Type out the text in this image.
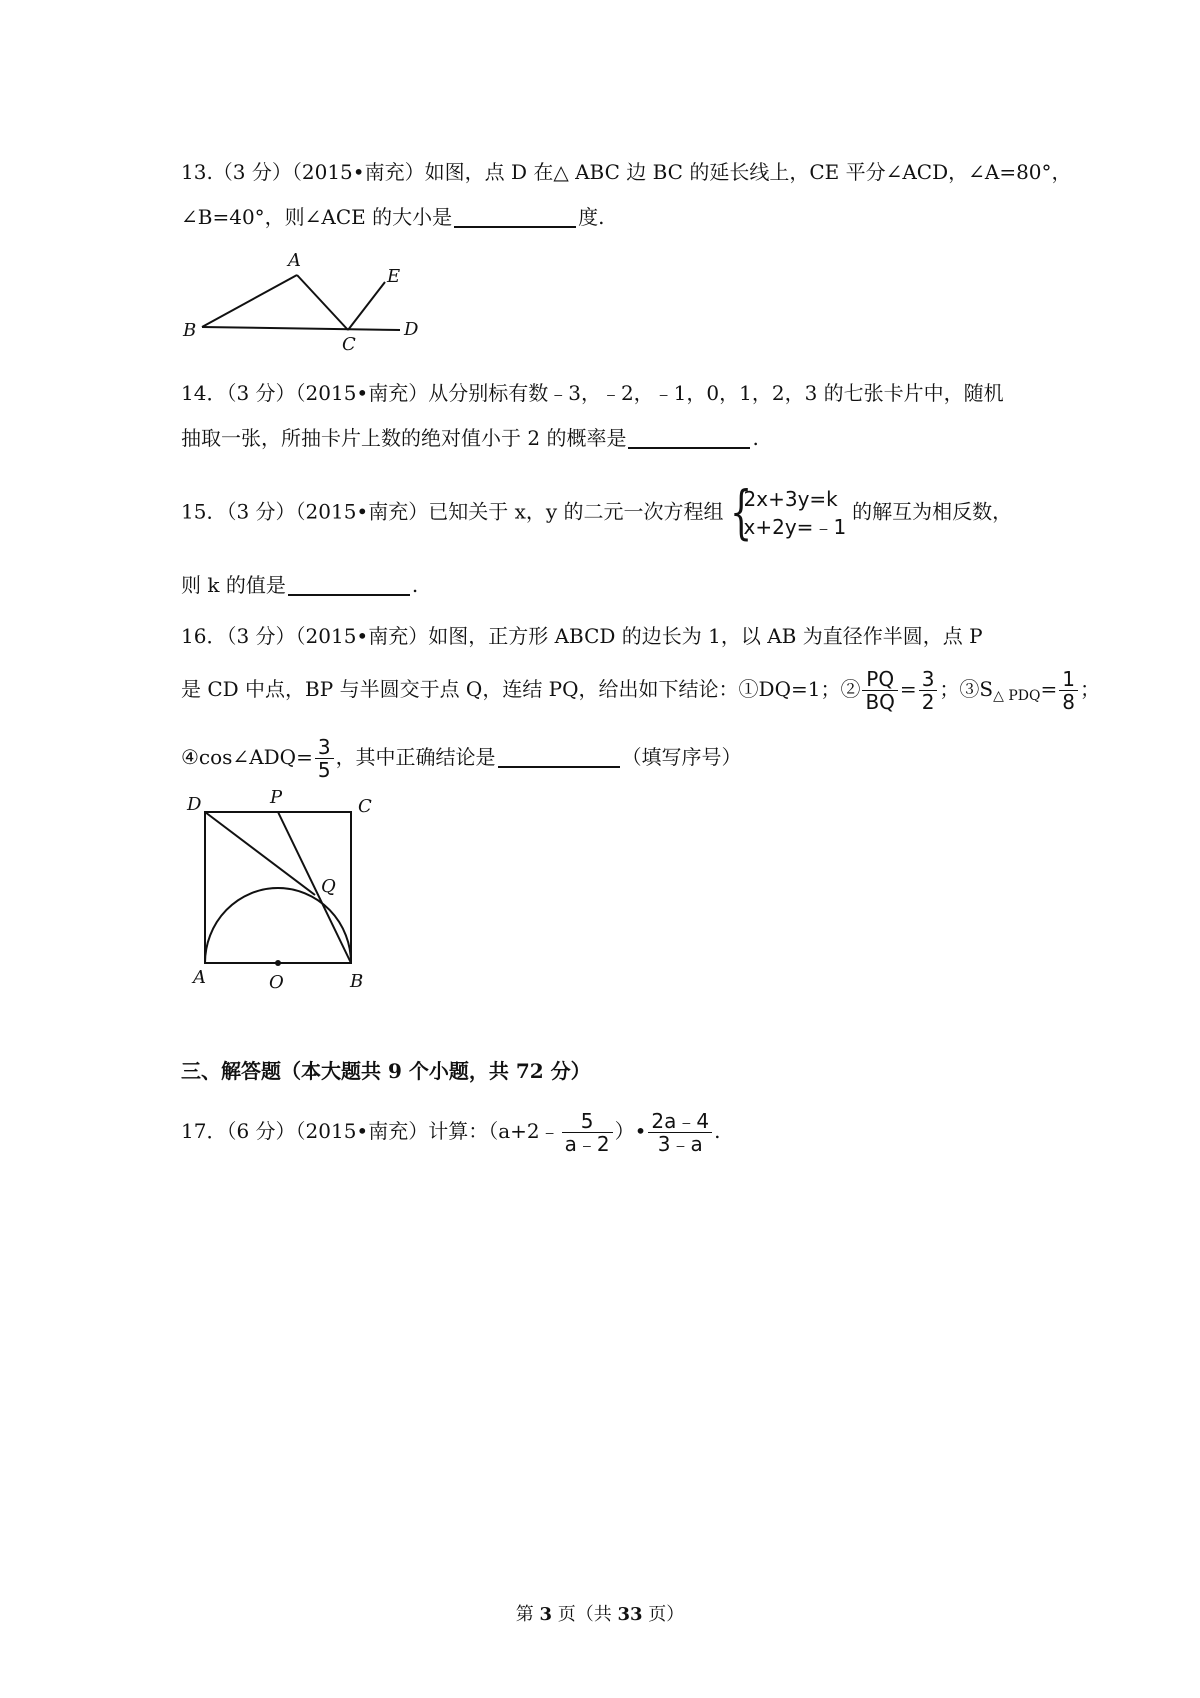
13.（3 分）（2015•南充）如图，点 D 在△ ABC 边 BC 的延长线上，CE 平分∠ACD，∠A=80°，
∠B=40°，则∠ACE 的大小是	度.
A
B
C
D
E
14．（3 分）（2015•南充）从分别标有数﹣3，﹣2，﹣1，0，1，2，3 的七张卡片中，随机
抽取一张，所抽卡片上数的绝对值小于 2 的概率是	.
15．（3 分）（2015•南充）已知关于 x，y 的二元一次方程组 {
2x+3y=k
x+2y=﹣1
的解互为相反数，
则 k 的值是	.
16．（3 分）（2015•南充）如图，正方形 ABCD 的边长为 1，以 AB 为直径作半圆，点 P
是 CD 中点，BP 与半圆交于点 Q，连结 PQ，给出如下结论：①DQ=1；② $\frac{PQ}{BQ} = \frac{3}{2}$ ；$③S_{\triangle PDQ}= \frac{1}{8}$ ；
④cos∠ADQ= $\frac{3}{5}$ ，其中正确结论是	（填写序号）
D	P	C
Q
A	O	B
三、解答题（本大题共 9 个小题，共 72 分）
17．（6 分）（2015•南充）计算：（a+2﹣ $\frac{5}{a﹣2}$ ）• $\frac{2a﹣4}{3﹣a}$ .
第 3 页（共 33 页）
